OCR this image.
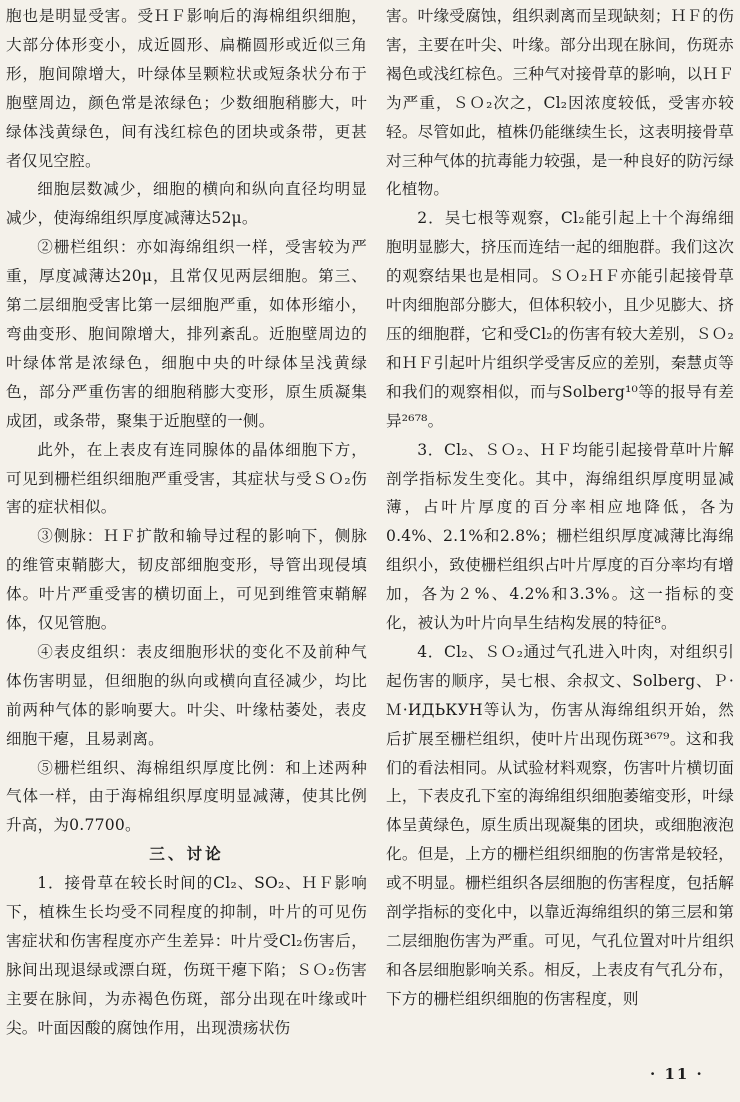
胞也是明显受害。受ＨＦ影响后的海棉组织细胞，大部分体形变小，成近圆形、扁椭圆形或近似三角形，胞间隙增大，叶绿体呈颗粒状或短条状分布于胞壁周边，颜色常是浓绿色；少数细胞稍膨大，叶绿体浅黄绿色，间有浅红棕色的团块或条带，更甚者仅见空腔。

细胞层数减少，细胞的横向和纵向直径均明显减少，使海绵组织厚度减薄达52μ。

②栅栏组织：亦如海绵组织一样，受害较为严重，厚度减薄达20μ，且常仅见两层细胞。第三、第二层细胞受害比第一层细胞严重，如体形缩小，弯曲变形、胞间隙增大，排列紊乱。近胞壁周边的叶绿体常是浓绿色，细胞中央的叶绿体呈浅黄绿色，部分严重伤害的细胞稍膨大变形，原生质凝集成团，或条带，聚集于近胞壁的一侧。

此外，在上表皮有连同腺体的晶体细胞下方，可见到栅栏组织细胞严重受害，其症状与受ＳＯ₂伤害的症状相似。

③侧脉：ＨＦ扩散和输导过程的影响下，侧脉的维管束鞘膨大，韧皮部细胞变形，导管出现侵填体。叶片严重受害的横切面上，可见到维管束鞘解体，仅见管胞。

④表皮组织：表皮细胞形状的变化不及前种气体伤害明显，但细胞的纵向或横向直径减少，均比前两种气体的影响要大。叶尖、叶缘枯萎处，表皮细胞干瘪，且易剥离。

⑤栅栏组织、海棉组织厚度比例：和上述两种气体一样，由于海棉组织厚度明显减薄，使其比例升高，为0.7700。

三、讨论

1．接骨草在较长时间的Cl₂、SO₂、ＨＦ影响下，植株生长均受不同程度的抑制，叶片的可见伤害症状和伤害程度亦产生差异：叶片受Cl₂伤害后，脉间出现退绿或漂白斑，伤斑干瘪下陷；ＳＯ₂伤害主要在脉间，为赤褐色伤斑，部分出现在叶缘或叶尖。叶面因酸的腐蚀作用，出现溃疡状伤

害。叶缘受腐蚀，组织剥离而呈现缺刻；ＨＦ的伤害，主要在叶尖、叶缘。部分出现在脉间，伤斑赤褐色或浅红棕色。三种气对接骨草的影响，以ＨＦ为严重，ＳＯ₂次之，Cl₂因浓度较低，受害亦较轻。尽管如此，植株仍能继续生长，这表明接骨草对三种气体的抗毒能力较强，是一种良好的防污绿化植物。

2．吴七根等观察，Cl₂能引起上十个海绵细胞明显膨大，挤压而连结一起的细胞群。我们这次的观察结果也是相同。ＳＯ₂ＨＦ亦能引起接骨草叶肉细胞部分膨大，但体积较小，且少见膨大、挤压的细胞群，它和受Cl₂的伤害有较大差别，ＳＯ₂和ＨＦ引起叶片组织学受害反应的差别，秦慧贞等和我们的观察相似，而与Solberg¹⁰等的报导有差异²⁶⁷⁸。

3．Cl₂、ＳＯ₂、ＨＦ均能引起接骨草叶片解剖学指标发生变化。其中，海绵组织厚度明显减薄，占叶片厚度的百分率相应地降低，各为0.4%、2.1%和2.8%；栅栏组织厚度减薄比海绵组织小，致使栅栏组织占叶片厚度的百分率均有增加，各为２%、4.2%和3.3%。这一指标的变化，被认为叶片向旱生结构发展的特征⁸。

4．Cl₂、ＳＯ₂通过气孔进入叶肉，对组织引起伤害的顺序，吴七根、余叔文、Solberg、Ｐ·Ｍ·ИДЬКУН等认为，伤害从海绵组织开始，然后扩展至栅栏组织，使叶片出现伤斑³⁶⁷⁹。这和我们的看法相同。从试验材料观察，伤害叶片横切面上，下表皮孔下室的海绵组织细胞萎缩变形，叶绿体呈黄绿色，原生质出现凝集的团块，或细胞液泡化。但是，上方的栅栏组织细胞的伤害常是较轻，或不明显。栅栏组织各层细胞的伤害程度，包括解剖学指标的变化中，以靠近海绵组织的第三层和第二层细胞伤害为严重。可见，气孔位置对叶片组织和各层细胞影响关系。相反，上表皮有气孔分布，下方的栅栏组织细胞的伤害程度，则

· 11 ·
